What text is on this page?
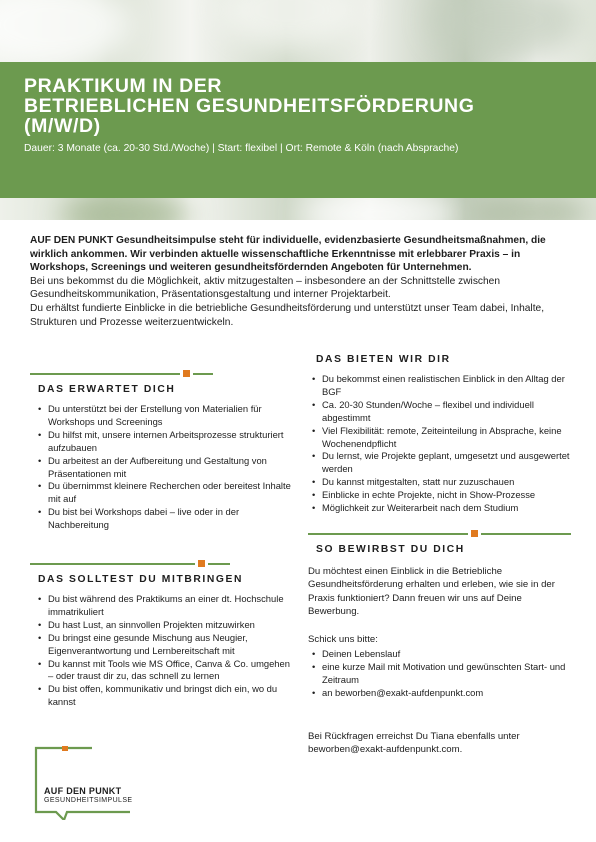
PRAKTIKUM IN DER
BETRIEBLICHEN GESUNDHEITSFÖRDERUNG
(M/W/D)
Dauer: 3 Monate (ca. 20-30 Std./Woche) | Start: flexibel | Ort: Remote & Köln (nach Absprache)

AUF DEN PUNKT Gesundheitsimpulse steht für individuelle, evidenzbasierte Gesundheitsmaßnahmen, die wirklich ankommen. Wir verbinden aktuelle wissenschaftliche Erkenntnisse mit erlebbarer Praxis – in Workshops, Screenings und weiteren gesundheitsfördernden Angeboten für Unternehmen.

Bei uns bekommst du die Möglichkeit, aktiv mitzugestalten – insbesondere an der Schnittstelle zwischen Gesundheitskommunikation, Präsentationsgestaltung und interner Projektarbeit.

Du erhältst fundierte Einblicke in die betriebliche Gesundheitsförderung und unterstützt unser Team dabei, Inhalte, Strukturen und Prozesse weiterzuentwickeln.

DAS ERWARTET DICH
• Du unterstützt bei der Erstellung von Materialien für Workshops und Screenings
• Du hilfst mit, unsere internen Arbeitsprozesse strukturiert aufzubauen
• Du arbeitest an der Aufbereitung und Gestaltung von Präsentationen mit
• Du übernimmst kleinere Recherchen oder bereitest Inhalte mit auf
• Du bist bei Workshops dabei – live oder in der Nachbereitung
DAS SOLLTEST DU MITBRINGEN
• Du bist während des Praktikums an einer dt. Hochschule immatrikuliert
• Du hast Lust, an sinnvollen Projekten mitzuwirken
• Du bringst eine gesunde Mischung aus Neugier, Eigenverantwortung und Lernbereitschaft mit
• Du kannst mit Tools wie MS Office, Canva & Co. umgehen – oder traust dir zu, das schnell zu lernen
• Du bist offen, kommunikativ und bringst dich ein, wo du kannst
DAS BIETEN WIR DIR
• Du bekommst einen realistischen Einblick in den Alltag der BGF
• Ca. 20-30 Stunden/Woche – flexibel und individuell abgestimmt
• Viel Flexibilität: remote, Zeiteinteilung in Absprache, keine Wochenendpflicht
• Du lernst, wie Projekte geplant, umgesetzt und ausgewertet werden
• Du kannst mitgestalten, statt nur zuzuschauen
• Einblicke in echte Projekte, nicht in Show-Prozesse
• Möglichkeit zur Weiterarbeit nach dem Studium
SO BEWIRBST DU DICH

Du möchtest einen Einblick in die Betriebliche Gesundheitsförderung erhalten und erleben, wie sie in der Praxis funktioniert? Dann freuen wir uns auf Deine Bewerbung.

Schick uns bitte:

• Deinen Lebenslauf
• eine kurze Mail mit Motivation und gewünschten Start- und Zeitraum
• an beworben@exakt-aufdenpunkt.com

Bei Rückfragen erreichst Du Tiana ebenfalls unter beworben@exakt-aufdenpunkt.com.

AUF DEN PUNKT
GESUNDHEITSIMPULSE
